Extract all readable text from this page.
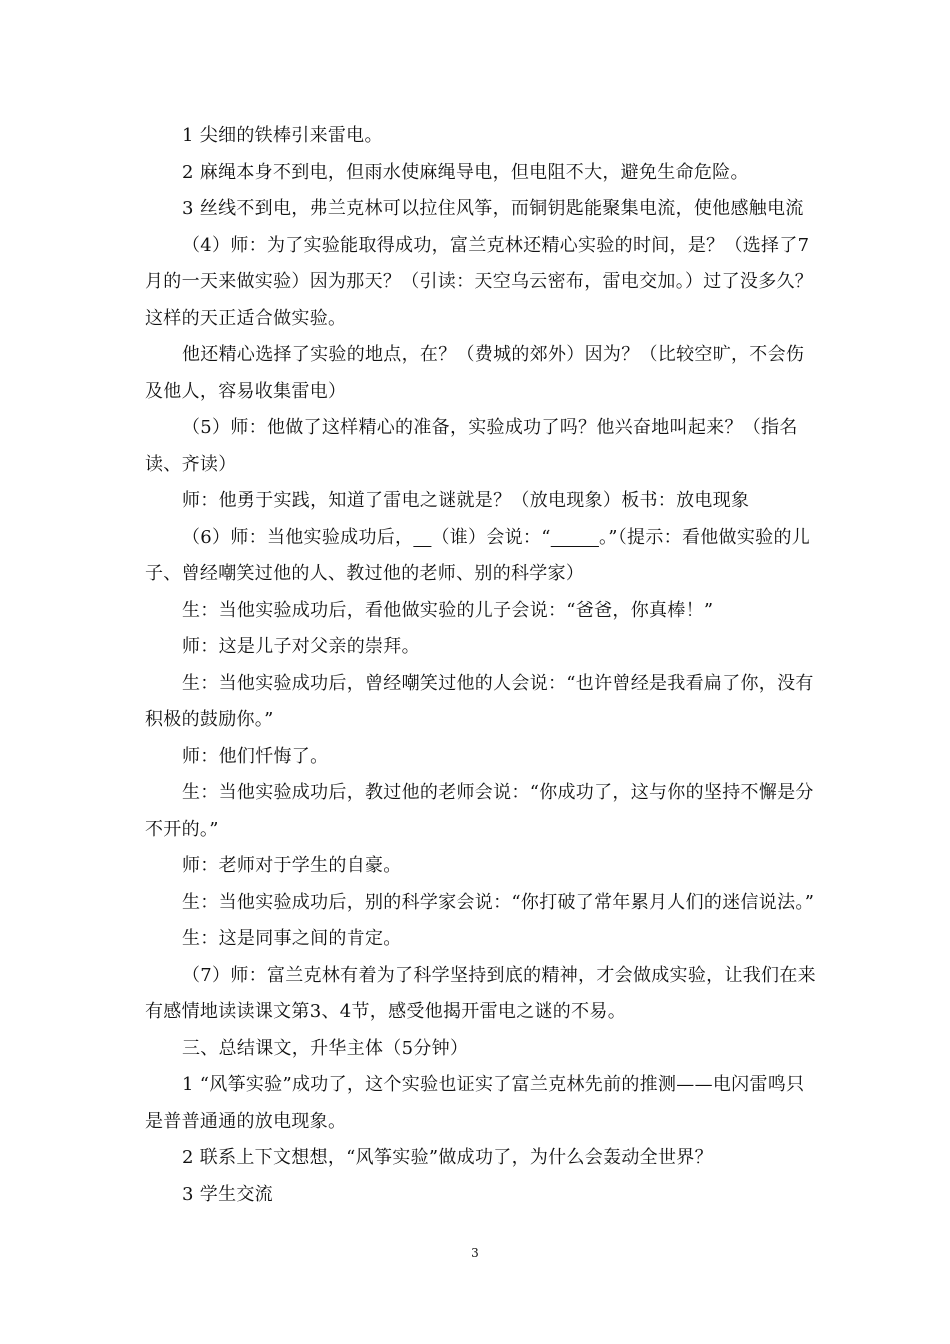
1 尖细的铁棒引来雷电。

2 麻绳本身不到电，但雨水使麻绳导电，但电阻不大，避免生命危险。

3 丝线不到电，弗兰克林可以拉住风筝，而铜钥匙能聚集电流，使他感触电流

（4）师：为了实验能取得成功，富兰克林还精心实验的时间，是？（选择了7月的一天来做实验）因为那天？（引读：天空乌云密布，雷电交加。）过了没多久？这样的天正适合做实验。

他还精心选择了实验的地点，在？（费城的郊外）因为？（比较空旷，不会伤及他人，容易收集雷电）

（5）师：他做了这样精心的准备，实验成功了吗？他兴奋地叫起来？（指名读、齐读）

师：他勇于实践，知道了雷电之谜就是？（放电现象）板书：放电现象

（6）师：当他实验成功后， （谁）会说：“	。”（提示：看他做实验的儿子、曾经嘲笑过他的人、教过他的老师、别的科学家）

生：当他实验成功后，看他做实验的儿子会说：“爸爸，你真棒！”

师：这是儿子对父亲的崇拜。

生：当他实验成功后，曾经嘲笑过他的人会说：“也许曾经是我看扁了你，没有积极的鼓励你。”

师：他们忏悔了。

生：当他实验成功后，教过他的老师会说：“你成功了，这与你的坚持不懈是分不开的。”

师：老师对于学生的自豪。

生：当他实验成功后，别的科学家会说：“你打破了常年累月人们的迷信说法。”

生：这是同事之间的肯定。

（7）师：富兰克林有着为了科学坚持到底的精神，才会做成实验，让我们在来有感情地读读课文第3、4节，感受他揭开雷电之谜的不易。

三、总结课文，升华主体（5分钟）

1 “风筝实验”成功了，这个实验也证实了富兰克林先前的推测——电闪雷鸣只是普普通通的放电现象。

2 联系上下文想想，“风筝实验”做成功了，为什么会轰动全世界？

3 学生交流

3
